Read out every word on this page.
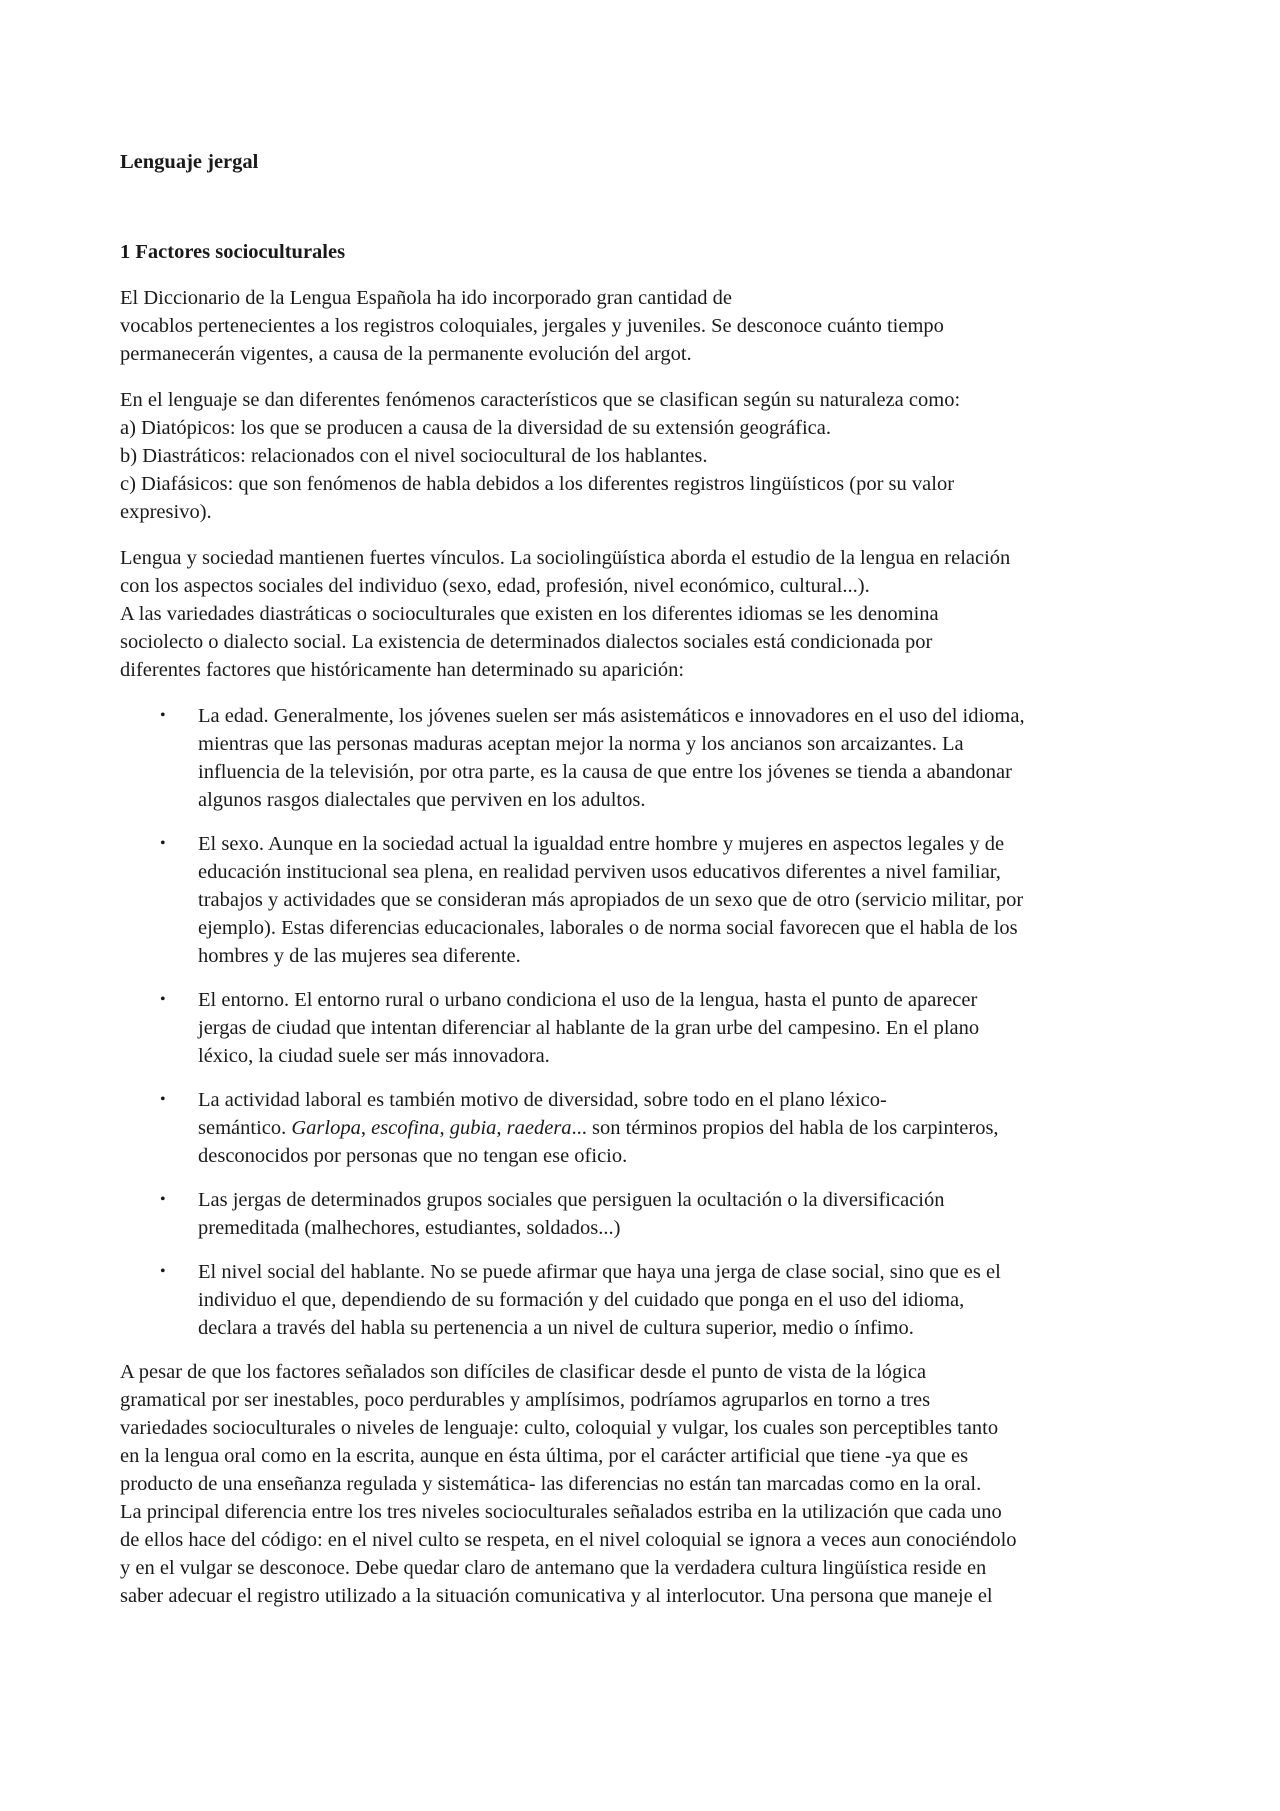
Lenguaje jergal

1 Factores socioculturales

El Diccionario de la Lengua Española ha ido incorporado gran cantidad de
vocablos pertenecientes a los registros coloquiales, jergales y juveniles. Se desconoce cuánto tiempo
permanecerán vigentes, a causa de la permanente evolución del argot.

En el lenguaje se dan diferentes fenómenos característicos que se clasifican según su naturaleza como:
a) Diatópicos: los que se producen a causa de la diversidad de su extensión geográfica.
b) Diastráticos: relacionados con el nivel sociocultural de los hablantes.
c) Diafásicos: que son fenómenos de habla debidos a los diferentes registros lingüísticos (por su valor
expresivo).

Lengua y sociedad mantienen fuertes vínculos. La sociolingüística aborda el estudio de la lengua en relación
con los aspectos sociales del individuo (sexo, edad, profesión, nivel económico, cultural...).
A las variedades diastráticas o socioculturales que existen en los diferentes idiomas se les denomina
sociolecto o dialecto social. La existencia de determinados dialectos sociales está condicionada por
diferentes factores que históricamente han determinado su aparición:

• La edad. Generalmente, los jóvenes suelen ser más asistemáticos e innovadores en el uso del idioma,
mientras que las personas maduras aceptan mejor la norma y los ancianos son arcaizantes. La
influencia de la televisión, por otra parte, es la causa de que entre los jóvenes se tienda a abandonar
algunos rasgos dialectales que perviven en los adultos.
• El sexo. Aunque en la sociedad actual la igualdad entre hombre y mujeres en aspectos legales y de
educación institucional sea plena, en realidad perviven usos educativos diferentes a nivel familiar,
trabajos y actividades que se consideran más apropiados de un sexo que de otro (servicio militar, por
ejemplo). Estas diferencias educacionales, laborales o de norma social favorecen que el habla de los
hombres y de las mujeres sea diferente.
• El entorno. El entorno rural o urbano condiciona el uso de la lengua, hasta el punto de aparecer
jergas de ciudad que intentan diferenciar al hablante de la gran urbe del campesino. En el plano
léxico, la ciudad suele ser más innovadora.
• La actividad laboral es también motivo de diversidad, sobre todo en el plano léxico-
semántico. Garlopa, escofina, gubia, raedera... son términos propios del habla de los carpinteros,
desconocidos por personas que no tengan ese oficio.
• Las jergas de determinados grupos sociales que persiguen la ocultación o la diversificación
premeditada (malhechores, estudiantes, soldados...)
• El nivel social del hablante. No se puede afirmar que haya una jerga de clase social, sino que es el
individuo el que, dependiendo de su formación y del cuidado que ponga en el uso del idioma,
declara a través del habla su pertenencia a un nivel de cultura superior, medio o ínfimo.

A pesar de que los factores señalados son difíciles de clasificar desde el punto de vista de la lógica
gramatical por ser inestables, poco perdurables y amplísimos, podríamos agruparlos en torno a tres
variedades socioculturales o niveles de lenguaje: culto, coloquial y vulgar, los cuales son perceptibles tanto
en la lengua oral como en la escrita, aunque en ésta última, por el carácter artificial que tiene -ya que es
producto de una enseñanza regulada y sistemática- las diferencias no están tan marcadas como en la oral.
La principal diferencia entre los tres niveles socioculturales señalados estriba en la utilización que cada uno
de ellos hace del código: en el nivel culto se respeta, en el nivel coloquial se ignora a veces aun conociéndolo
y en el vulgar se desconoce. Debe quedar claro de antemano que la verdadera cultura lingüística reside en
saber adecuar el registro utilizado a la situación comunicativa y al interlocutor. Una persona que maneje el
